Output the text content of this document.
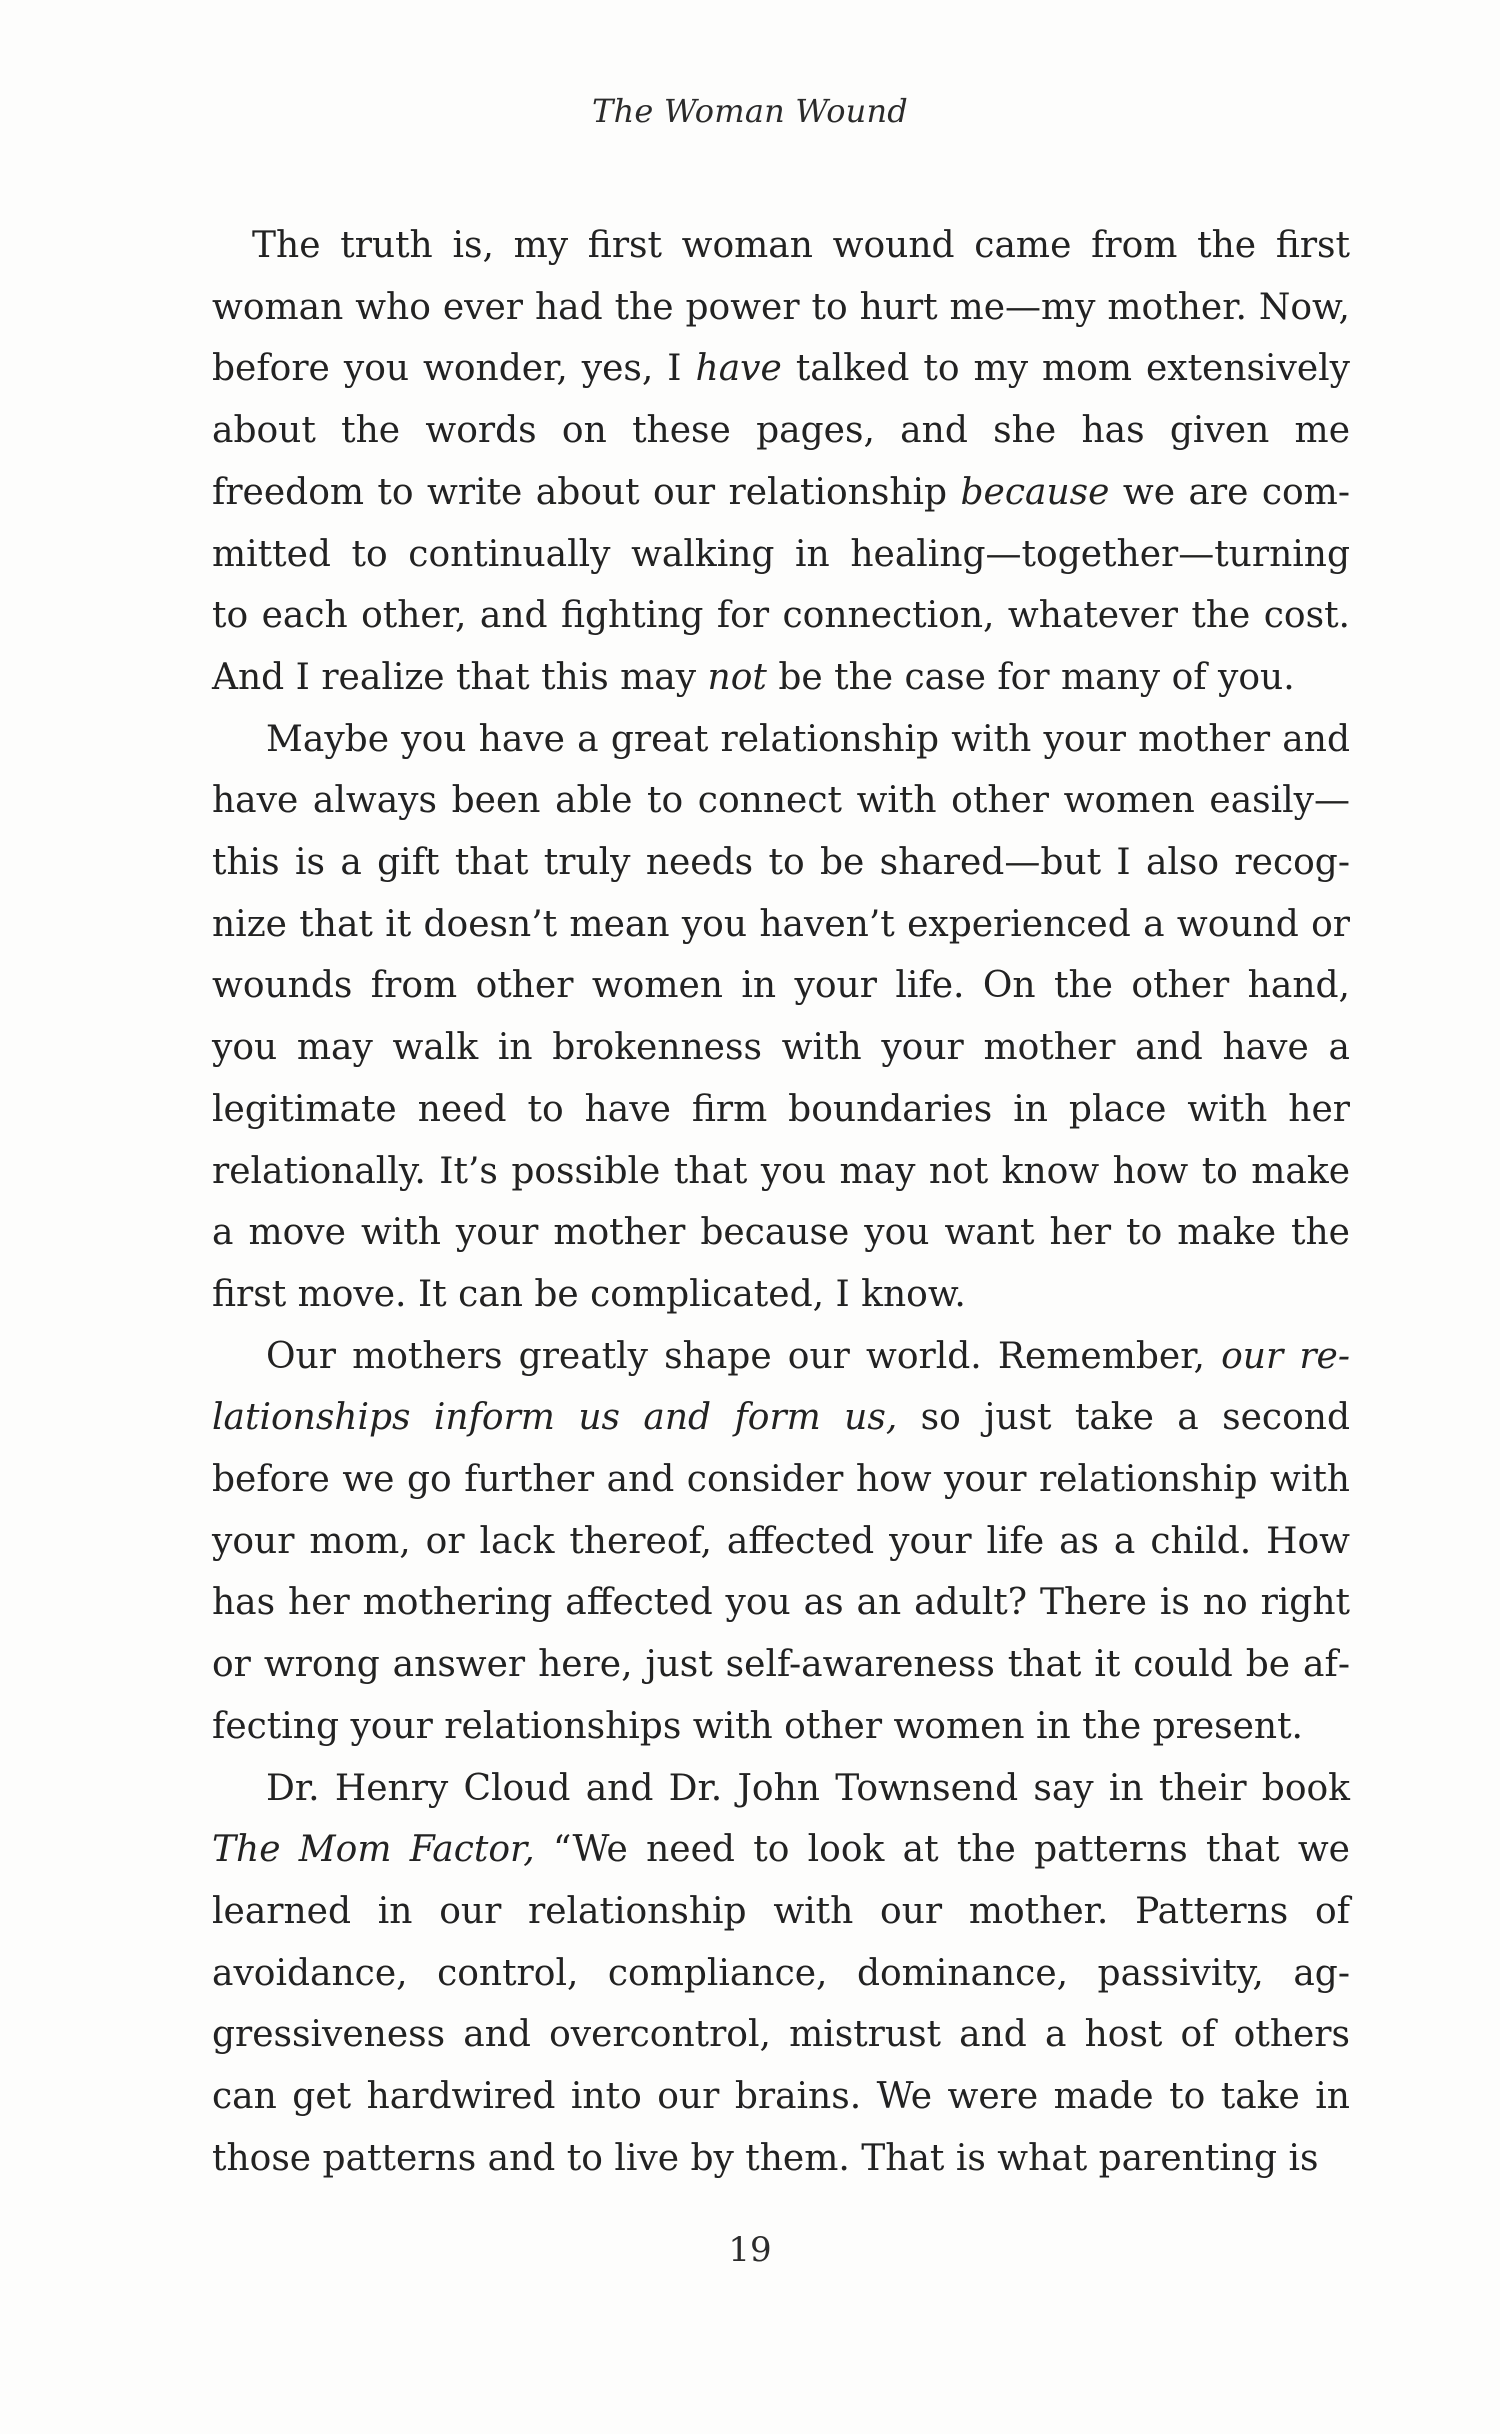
The Woman Wound

The truth is, my first woman wound came from the first woman who ever had the power to hurt me—my mother. Now, before you wonder, yes, I have talked to my mom extensively about the words on these pages, and she has given me freedom to write about our relationship because we are committed to continually walking in healing—together—turning to each other, and fighting for connection, whatever the cost. And I realize that this may not be the case for many of you.

Maybe you have a great relationship with your mother and have always been able to connect with other women easily—this is a gift that truly needs to be shared—but I also recognize that it doesn’t mean you haven’t experienced a wound or wounds from other women in your life. On the other hand, you may walk in brokenness with your mother and have a legitimate need to have firm boundaries in place with her relationally. It’s possible that you may not know how to make a move with your mother because you want her to make the first move. It can be complicated, I know.

Our mothers greatly shape our world. Remember, our relationships inform us and form us, so just take a second before we go further and consider how your relationship with your mom, or lack thereof, affected your life as a child. How has her mothering affected you as an adult? There is no right or wrong answer here, just self-awareness that it could be affecting your relationships with other women in the present.

Dr. Henry Cloud and Dr. John Townsend say in their book The Mom Factor, “We need to look at the patterns that we learned in our relationship with our mother. Patterns of avoidance, control, compliance, dominance, passivity, aggressiveness and overcontrol, mistrust and a host of others can get hardwired into our brains. We were made to take in those patterns and to live by them. That is what parenting is

19
